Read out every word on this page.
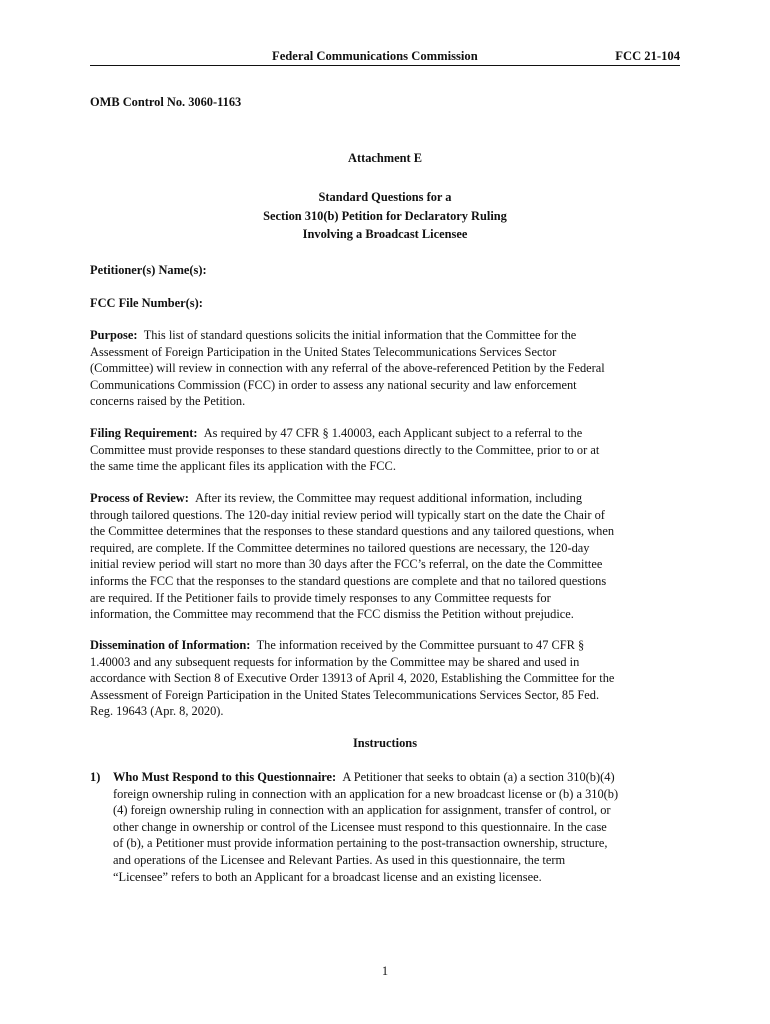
Federal Communications Commission	FCC 21-104
OMB Control No. 3060-1163
Attachment E
Standard Questions for a
Section 310(b) Petition for Declaratory Ruling
Involving a Broadcast Licensee
Petitioner(s) Name(s):
FCC File Number(s):
Purpose: This list of standard questions solicits the initial information that the Committee for the
Assessment of Foreign Participation in the United States Telecommunications Services Sector
(Committee) will review in connection with any referral of the above-referenced Petition by the Federal
Communications Commission (FCC) in order to assess any national security and law enforcement
concerns raised by the Petition.
Filing Requirement: As required by 47 CFR § 1.40003, each Applicant subject to a referral to the
Committee must provide responses to these standard questions directly to the Committee, prior to or at
the same time the applicant files its application with the FCC.
Process of Review: After its review, the Committee may request additional information, including
through tailored questions. The 120-day initial review period will typically start on the date the Chair of
the Committee determines that the responses to these standard questions and any tailored questions, when
required, are complete. If the Committee determines no tailored questions are necessary, the 120-day
initial review period will start no more than 30 days after the FCC’s referral, on the date the Committee
informs the FCC that the responses to the standard questions are complete and that no tailored questions
are required. If the Petitioner fails to provide timely responses to any Committee requests for
information, the Committee may recommend that the FCC dismiss the Petition without prejudice.
Dissemination of Information: The information received by the Committee pursuant to 47 CFR §
1.40003 and any subsequent requests for information by the Committee may be shared and used in
accordance with Section 8 of Executive Order 13913 of April 4, 2020, Establishing the Committee for the
Assessment of Foreign Participation in the United States Telecommunications Services Sector, 85 Fed.
Reg. 19643 (Apr. 8, 2020).
Instructions
1) Who Must Respond to this Questionnaire: A Petitioner that seeks to obtain (a) a section 310(b)(4)
foreign ownership ruling in connection with an application for a new broadcast license or (b) a 310(b)
(4) foreign ownership ruling in connection with an application for assignment, transfer of control, or
other change in ownership or control of the Licensee must respond to this questionnaire. In the case
of (b), a Petitioner must provide information pertaining to the post-transaction ownership, structure,
and operations of the Licensee and Relevant Parties. As used in this questionnaire, the term
“Licensee” refers to both an Applicant for a broadcast license and an existing licensee.
1
